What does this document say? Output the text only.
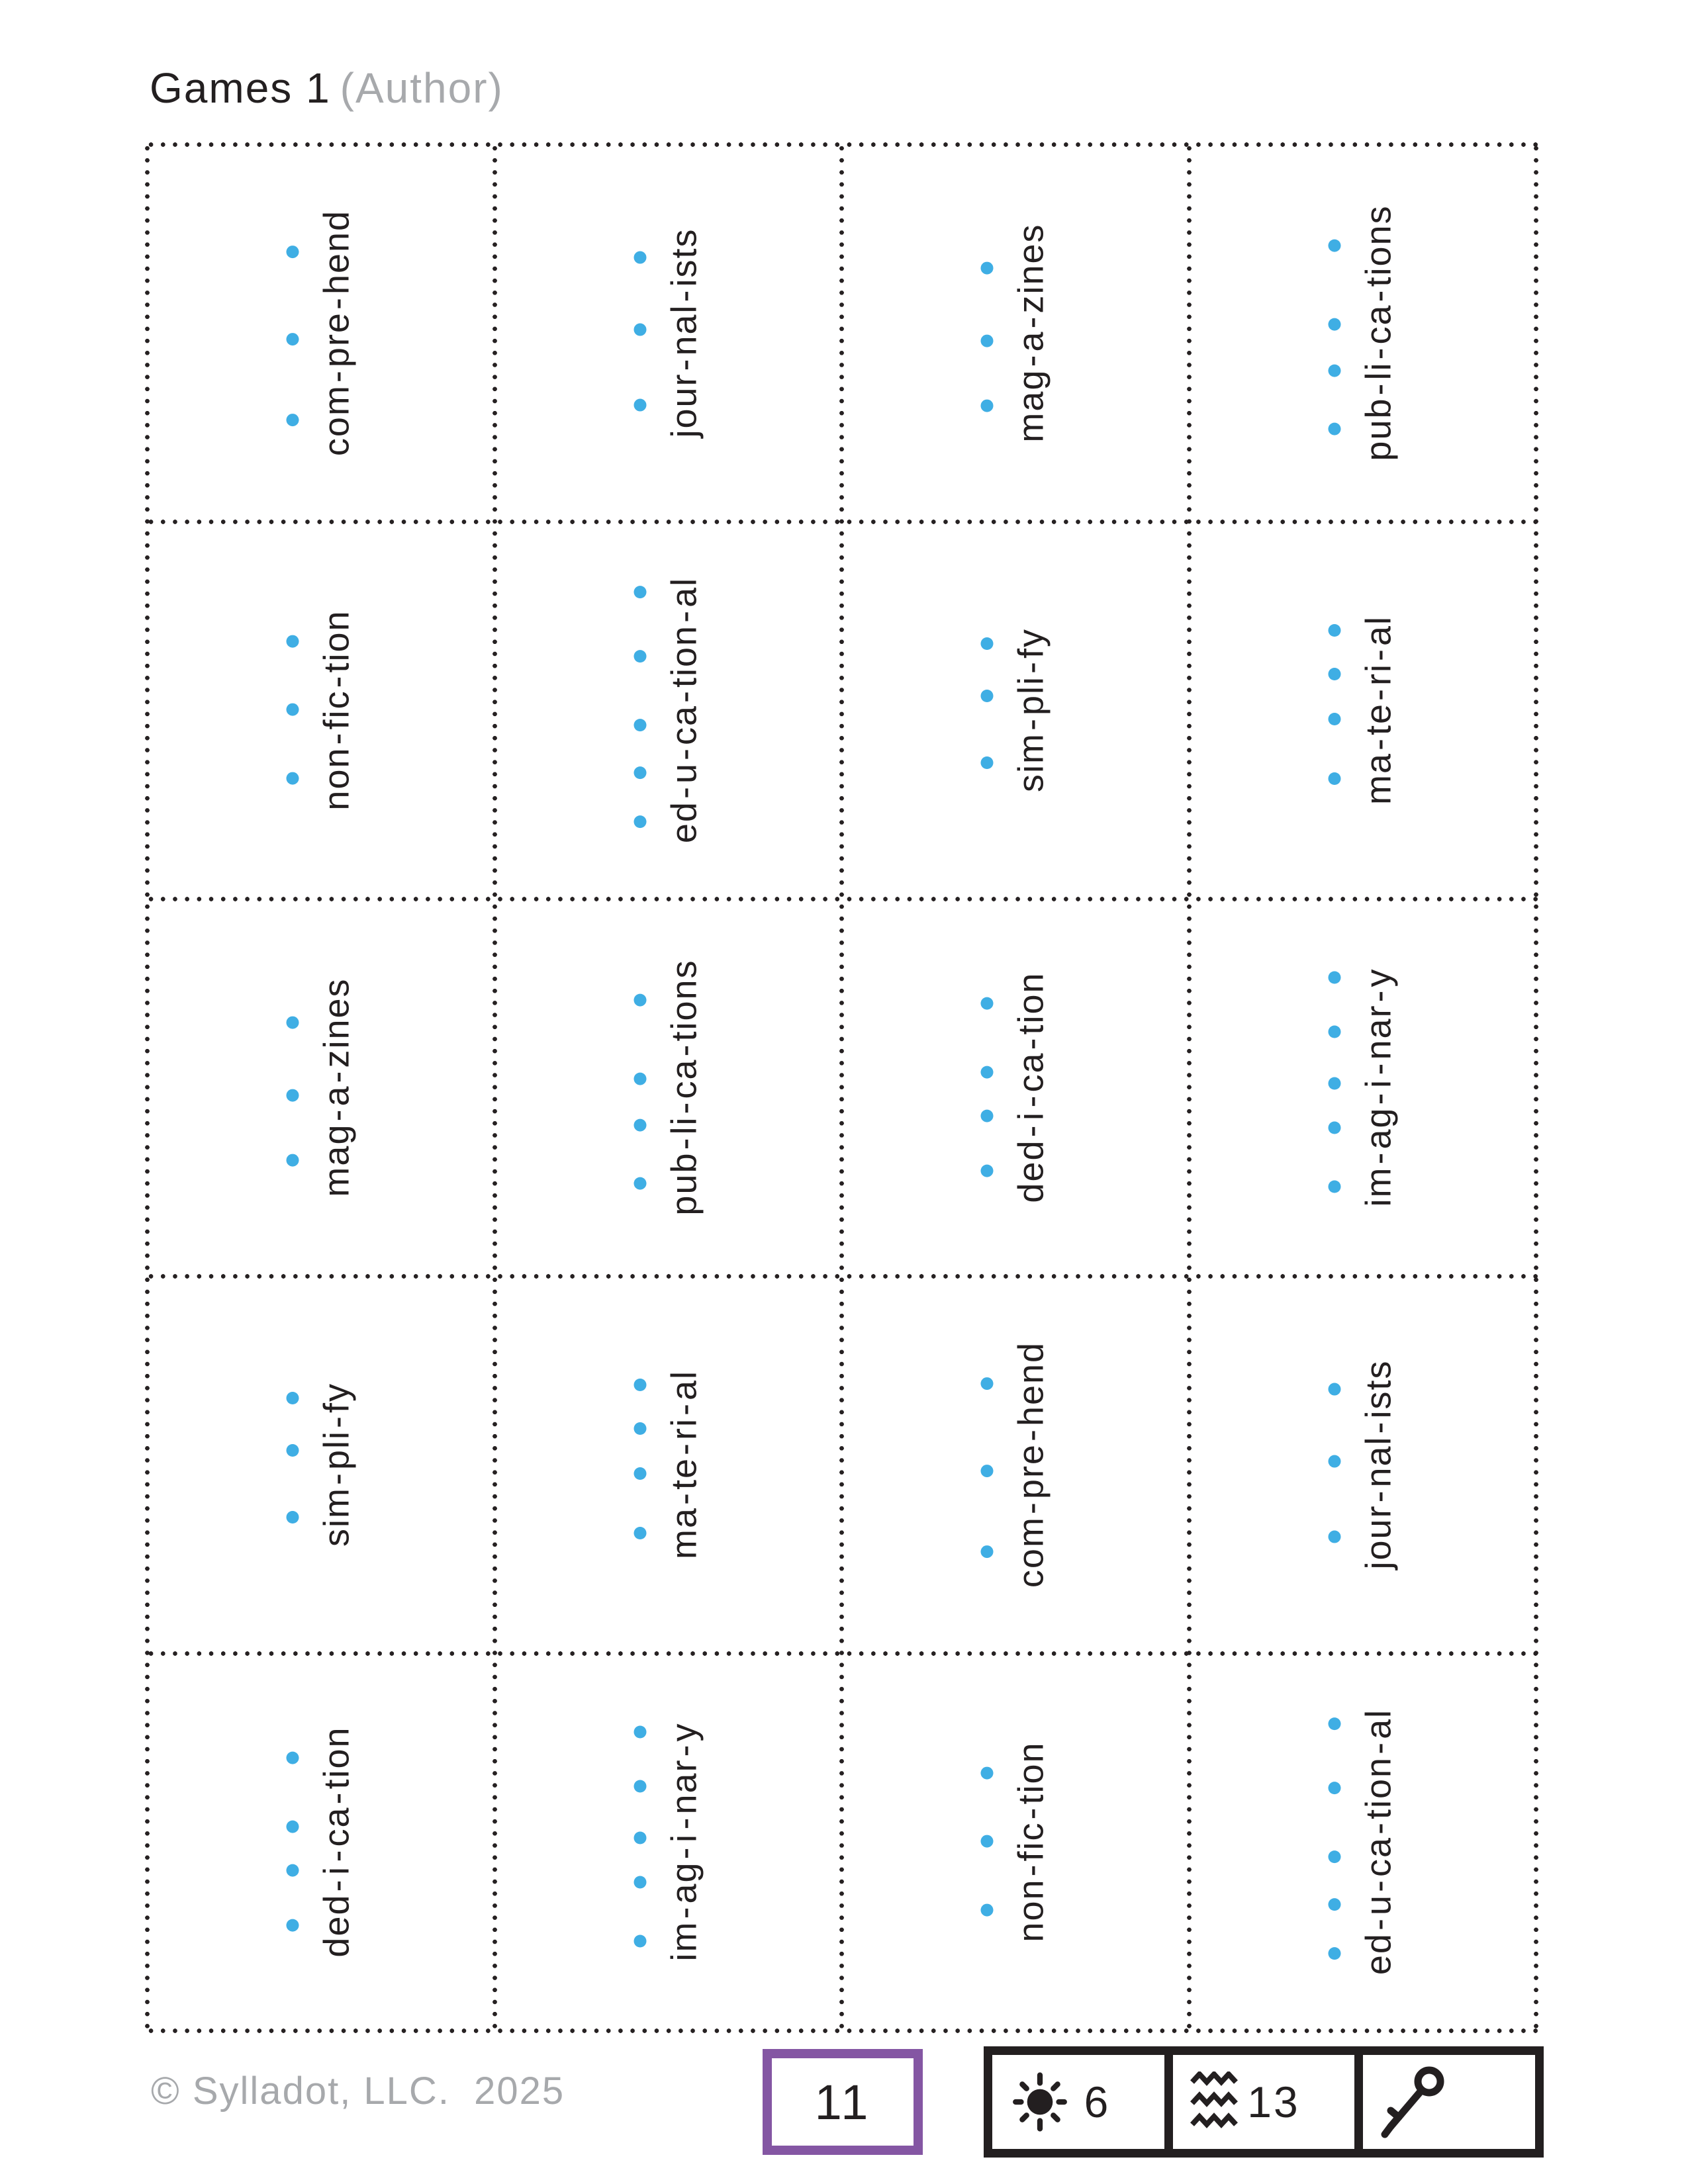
Games 1 (Author)
com
-
pre
-
hend
jour
-
nal
-
ists
mag
-
a
-
zines
pub
-
li
-
ca
-
tions
non
-
fic
-
tion
ed
-
u
-
ca
-
tion
-
al
sim
-
pli
-
fy
ma
-
te
-
ri
-
al
mag
-
a
-
zines
pub
-
li
-
ca
-
tions
ded
-
i
-
ca
-
tion
im
-
ag
-
i
-
nar
-
y
sim
-
pli
-
fy
ma
-
te
-
ri
-
al
com
-
pre
-
hend
jour
-
nal
-
ists
ded
-
i
-
ca
-
tion
im
-
ag
-
i
-
nar
-
y
non
-
fic
-
tion
ed
-
u
-
ca
-
tion
-
al
© Sylladot, LLC.  2025	11	6	13
